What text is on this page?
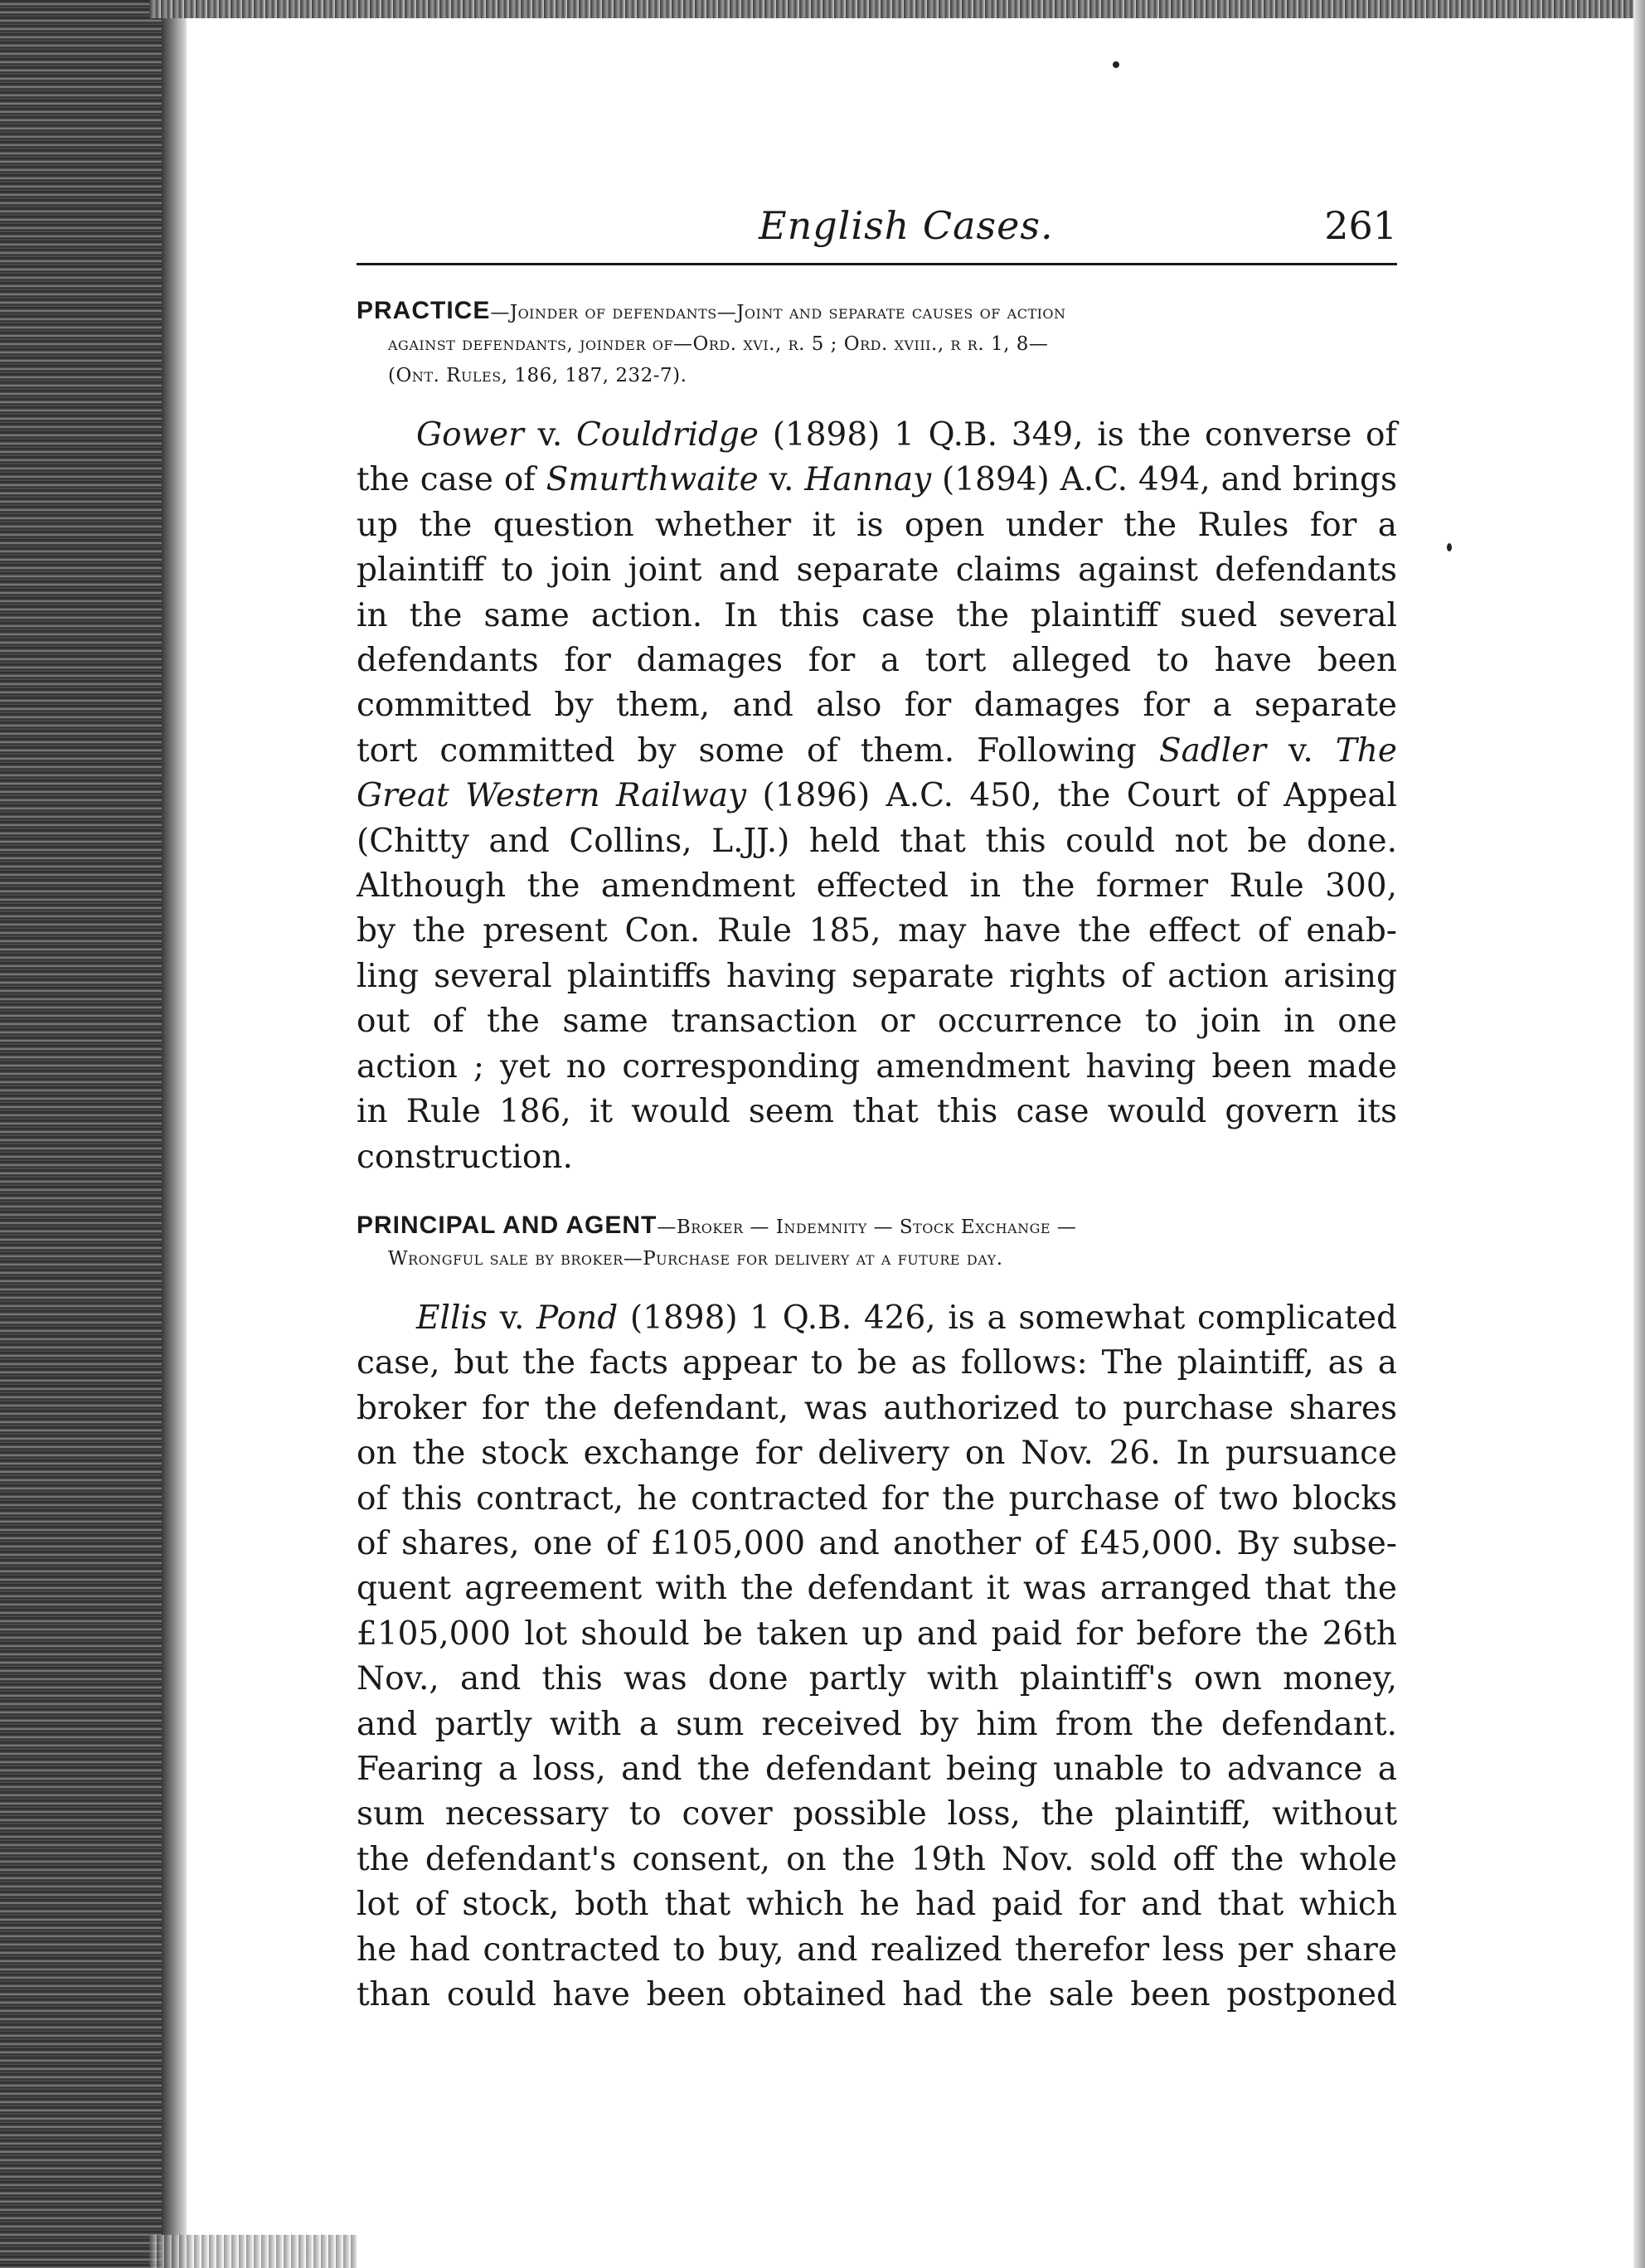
English Cases.	261
PRACTICE—Joinder of defendants—Joint and separate causes of action
against defendants, joinder of—Ord. xvi., r. 5 ; Ord. xviii., r r. 1, 8—
(Ont. Rules, 186, 187, 232-7).
Gower v. Couldridge (1898) 1 Q.B. 349, is the converse of
the case of Smurthwaite v. Hannay (1894) A.C. 494, and brings
up the question whether it is open under the Rules for a
plaintiff to join joint and separate claims against defendants
in the same action. In this case the plaintiff sued several
defendants for damages for a tort alleged to have been
committed by them, and also for damages for a separate
tort committed by some of them. Following Sadler v. The
Great Western Railway (1896) A.C. 450, the Court of Appeal
(Chitty and Collins, L.JJ.) held that this could not be done.
Although the amendment effected in the former Rule 300,
by the present Con. Rule 185, may have the effect of enab-
ling several plaintiffs having separate rights of action arising
out of the same transaction or occurrence to join in one
action ; yet no corresponding amendment having been made
in Rule 186, it would seem that this case would govern its
construction.
PRINCIPAL AND AGENT—Broker — Indemnity — Stock Exchange —
Wrongful sale by broker—Purchase for delivery at a future day.
Ellis v. Pond (1898) 1 Q.B. 426, is a somewhat complicated
case, but the facts appear to be as follows: The plaintiff, as a
broker for the defendant, was authorized to purchase shares
on the stock exchange for delivery on Nov. 26. In pursuance
of this contract, he contracted for the purchase of two blocks
of shares, one of £105,000 and another of £45,000. By subse-
quent agreement with the defendant it was arranged that the
£105,000 lot should be taken up and paid for before the 26th
Nov., and this was done partly with plaintiff's own money,
and partly with a sum received by him from the defendant.
Fearing a loss, and the defendant being unable to advance a
sum necessary to cover possible loss, the plaintiff, without
the defendant's consent, on the 19th Nov. sold off the whole
lot of stock, both that which he had paid for and that which
he had contracted to buy, and realized therefor less per share
than could have been obtained had the sale been postponed
